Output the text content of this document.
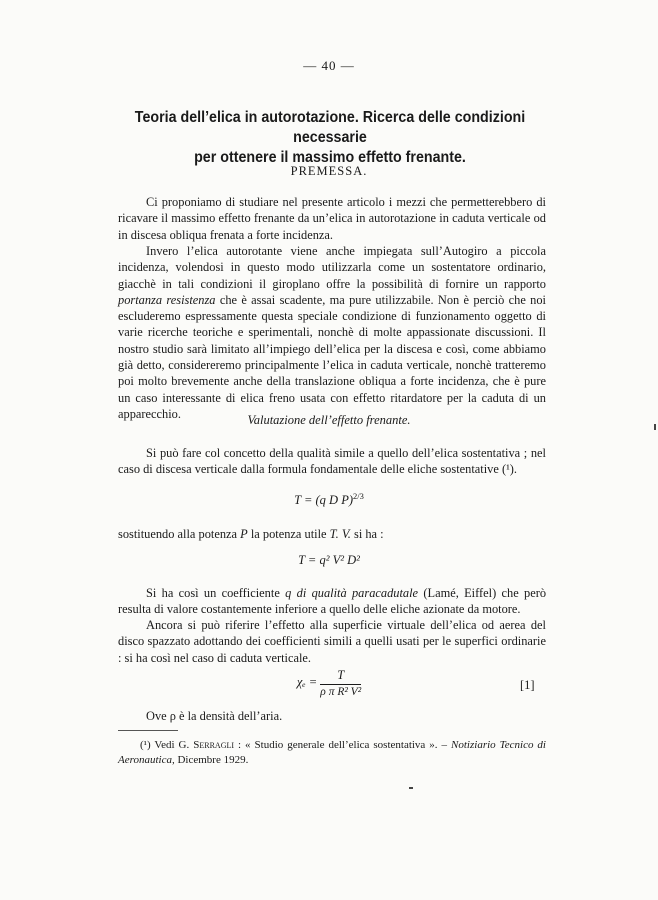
— 40 —
Teoria dell’elica in autorotazione. Ricerca delle condizioni necessarie
per ottenere il massimo effetto frenante.
PREMESSA.
Ci proponiamo di studiare nel presente articolo i mezzi che permetterebbero di ricavare il massimo effetto frenante da un’elica in autorotazione in caduta verticale od in discesa obliqua frenata a forte incidenza.
Invero l’elica autorotante viene anche impiegata sull’Autogiro a piccola incidenza, volendosi in questo modo utilizzarla come un sostentatore ordinario, giacchè in tali condizioni il giroplano offre la possibilità di fornire un rapporto portanza resistenza che è assai scadente, ma pure utilizzabile. Non è perciò che noi escluderemo espressamente questa speciale condizione di funzionamento oggetto di varie ricerche teoriche e sperimentali, nonchè di molte appassionate discussioni. Il nostro studio sarà limitato all’impiego dell’elica per la discesa e così, come abbiamo già detto, considereremo principalmente l’elica in caduta verticale, nonchè tratteremo poi molto brevemente anche della translazione obliqua a forte incidenza, che è pure un caso interessante di elica freno usata con effetto ritardatore per la caduta di un apparecchio.	Valutazione dell’effetto frenante.
Si può fare col concetto della qualità simile a quello dell’elica sostentativa ; nel caso di discesa verticale dalla formula fondamentale delle eliche sostentative (¹).
T = (q D P)$^{2/3}$
sostituendo alla potenza P la potenza utile T. V. si ha :
T = q² V² D²
Si ha così un coefficiente q di qualità paracadutale (Lamé, Eiffel) che però resulta di valore costantemente inferiore a quello delle eliche azionate da motore.
Ancora si può riferire l’effetto alla superficie virtuale dell’elica od aerea del disco spazzato adottando dei coefficienti simili a quelli usati per le superfici ordinarie : si ha così nel caso di caduta verticale.
$\chi_e = \frac{T}{\text{ρ π R² V²}}$	[1]
Ove ρ è la densità dell’aria.
(¹) Vedi G. Serragli : « Studio generale dell’elica sostentativa ». – Notiziario Tecnico di Aeronautica, Dicembre 1929.
